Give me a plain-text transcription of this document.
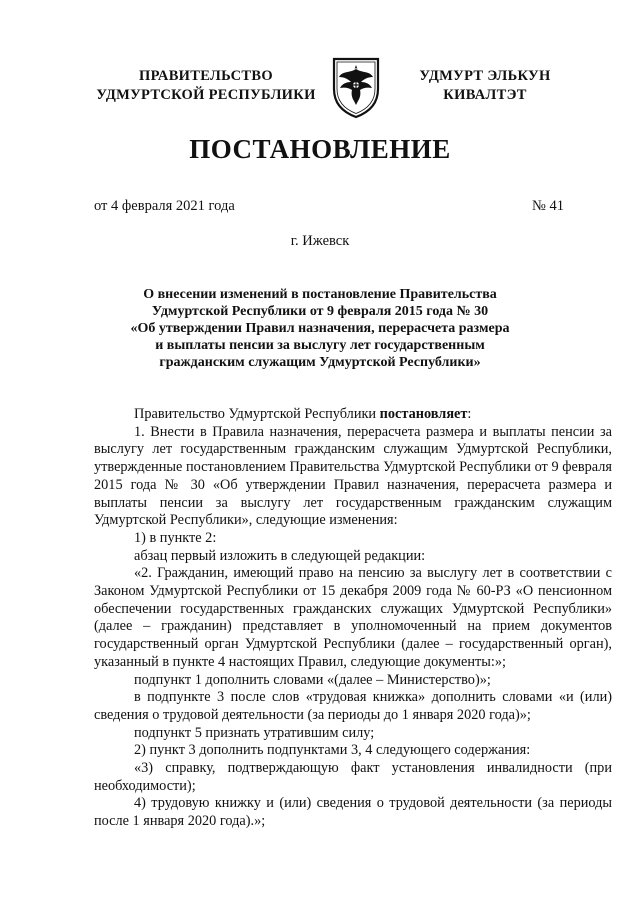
ПРАВИТЕЛЬСТВО
УДМУРТСКОЙ РЕСПУБЛИКИ
УДМУРТ ЭЛЬКУН
КИВАЛТЭТ
ПОСТАНОВЛЕНИЕ
от 4 февраля 2021 года	№ 41
г. Ижевск
О внесении изменений в постановление Правительства
Удмуртской Республики от 9 февраля 2015 года № 30
«Об утверждении Правил назначения, перерасчета размера
и выплаты пенсии за выслугу лет государственным
гражданским служащим Удмуртской Республики»

Правительство Удмуртской Республики постановляет:

1. Внести в Правила назначения, перерасчета размера и выплаты пенсии за выслугу лет государственным гражданским служащим Удмуртской Республики, утвержденные постановлением Правительства Удмуртской Республики от 9 февраля 2015 года № 30 «Об утверждении Правил назначения, перерасчета размера и выплаты пенсии за выслугу лет государственным гражданским служащим Удмуртской Республики», следующие изменения:

1) в пункте 2:

абзац первый изложить в следующей редакции:

«2. Гражданин, имеющий право на пенсию за выслугу лет в соответствии с Законом Удмуртской Республики от 15 декабря 2009 года № 60-РЗ «О пенсионном обеспечении государственных гражданских служащих Удмуртской Республики» (далее – гражданин) представляет в уполномоченный на прием документов государственный орган Удмуртской Республики (далее – государственный орган), указанный в пункте 4 настоящих Правил, следующие документы:»;

подпункт 1 дополнить словами «(далее – Министерство)»;

в подпункте 3 после слов «трудовая книжка» дополнить словами «и (или) сведения о трудовой деятельности (за периоды до 1 января 2020 года)»;

подпункт 5 признать утратившим силу;

2) пункт 3 дополнить подпунктами 3, 4 следующего содержания:

«3) справку, подтверждающую факт установления инвалидности (при необходимости);

4) трудовую книжку и (или) сведения о трудовой деятельности (за периоды после 1 января 2020 года).»;
